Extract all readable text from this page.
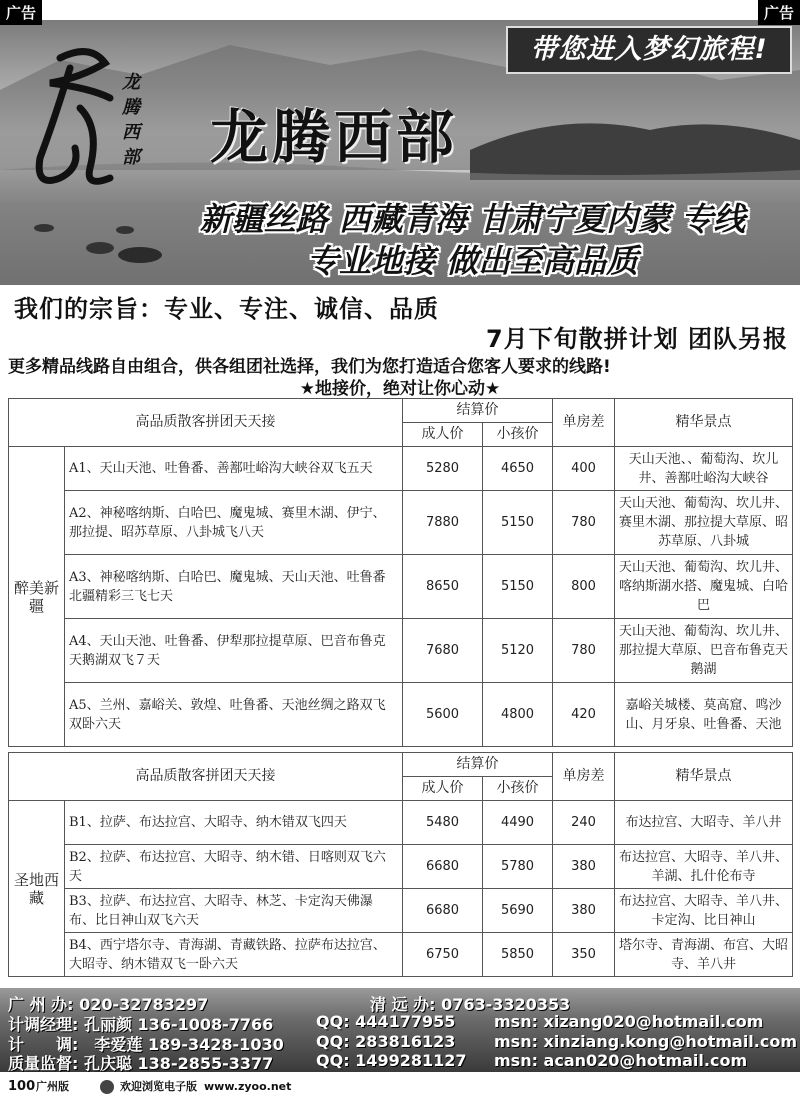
广告	广告
带您进入梦幻旅程!
龙
腾
西
部 龙腾西部
新疆丝路 西藏青海 甘肃宁夏内蒙 专线
专业地接 做出至高品质
我们的宗旨：专业、专注、诚信、品质
7月下旬散拼计划 团队另报
更多精品线路自由组合，供各组团社选择，我们为您打造适合您客人要求的线路!
★地接价，绝对让你心动★
高品质散客拼团天天接		结算价		单房差	精华景点
		成人价	小孩价		
醉美新疆	A1、天山天池、吐鲁番、善鄯吐峪沟大峡谷双飞五天	5280	4650	400	天山天池、、葡萄沟、坎儿井、善鄯吐峪沟大峡谷
	A2、神秘喀纳斯、白哈巴、魔鬼城、赛里木湖、伊宁、那拉提、昭苏草原、八卦城飞八天	7880	5150	780	天山天池、葡萄沟、坎儿井、赛里木湖、那拉提大草原、昭苏草原、八卦城
	A3、神秘喀纳斯、白哈巴、魔鬼城、天山天池、吐鲁番北疆精彩三飞七天	8650	5150	800	天山天池、葡萄沟、坎儿井、喀纳斯湖水搭、魔鬼城、白哈巴
	A4、天山天池、吐鲁番、伊犁那拉提草原、巴音布鲁克天鹅湖双飞７天	7680	5120	780	天山天池、葡萄沟、坎儿井、那拉提大草原、巴音布鲁克天鹅湖
	A5、兰州、嘉峪关、敦煌、吐鲁番、天池丝绸之路双飞双卧六天	5600	4800	420	嘉峪关城楼、莫高窟、鸣沙山、月牙泉、吐鲁番、天池
高品质散客拼团天天接		结算价		单房差	精华景点
		成人价	小孩价		
圣地西藏	B1、拉萨、布达拉宫、大昭寺、纳木错双飞四天	5480	4490	240	布达拉宫、大昭寺、羊八井
	B2、拉萨、布达拉宫、大昭寺、纳木错、日喀则双飞六天	6680	5780	380	布达拉宫、大昭寺、羊八井、羊湖、扎什伦布寺
	B3、拉萨、布达拉宫、大昭寺、林芝、卡定沟天佛瀑布、比日神山双飞六天	6680	5690	380	布达拉宫、大昭寺、羊八井、卡定沟、比日神山
	B4、西宁塔尔寺、青海湖、青藏铁路、拉萨布达拉宫、大昭寺、纳木错双飞一卧六天	6750	5850	350	塔尔寺、青海湖、布宫、大昭寺、羊八井
广 州 办: 020-32783297	清 远 办: 0763-3320353
计调经理: 孔丽颜 136-1008-7766	QQ: 444177955 msn: xizang020@hotmail.com
计　　调:　李爱莲 189-3428-1030 QQ: 283816123 msn: xinziang.kong@hotmail.com
质量监督: 孔庆聪 138-2855-3377	QQ: 1499281127 msn: acan020@hotmail.com
100 广州版	欢迎浏览电子版 www.zyoo.net
